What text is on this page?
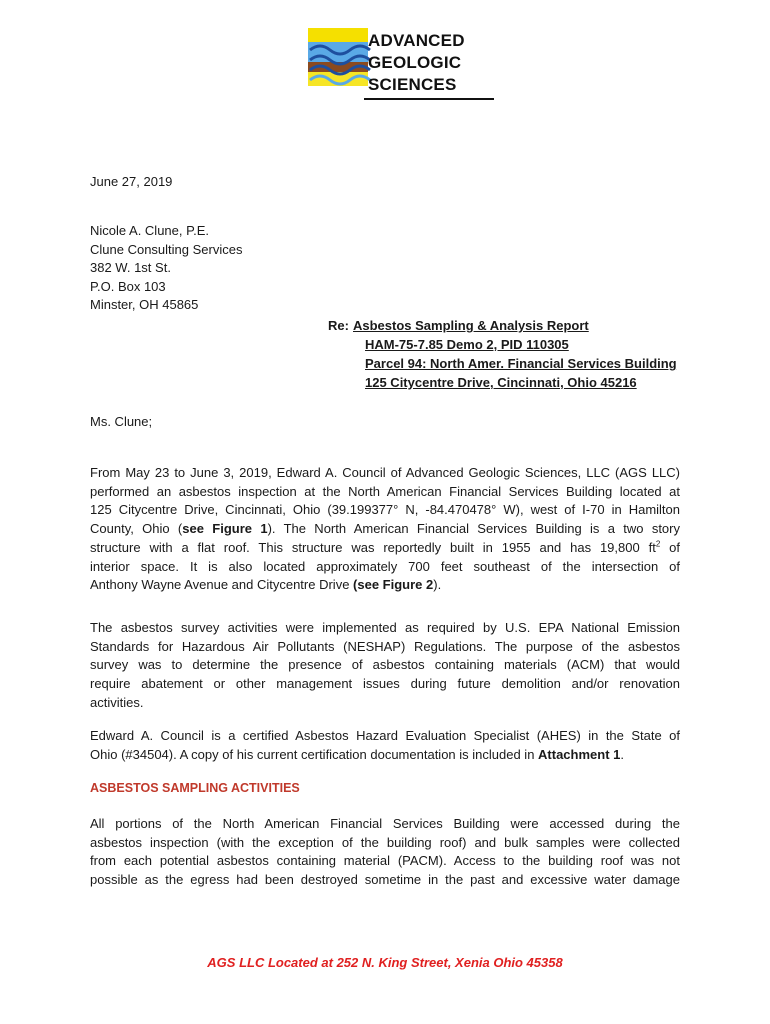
ADVANCED
GEOLOGIC
SCIENCES
June 27, 2019
Nicole A. Clune, P.E.
Clune Consulting Services
382 W. 1st St.
P.O. Box 103
Minster, OH 45865
Re: Asbestos Sampling & Analysis Report
HAM-75-7.85 Demo 2, PID 110305
Parcel 94: North Amer. Financial Services Building
125 Citycentre Drive, Cincinnati, Ohio 45216
Ms. Clune;
From May 23 to June 3, 2019, Edward A. Council of Advanced Geologic Sciences, LLC (AGS LLC)
performed an asbestos inspection at the North American Financial Services Building located at
125 Citycentre Drive, Cincinnati, Ohio (39.199377° N, -84.470478° W), west of I-70 in Hamilton
County, Ohio (see Figure 1). The North American Financial Services Building is a two story
structure with a flat roof. This structure was reportedly built in 1955 and has 19,800 $ft^2$ of
interior space. It is also located approximately 700 feet southeast of the intersection of
Anthony Wayne Avenue and Citycentre Drive (see Figure 2).
The asbestos survey activities were implemented as required by U.S. EPA National Emission
Standards for Hazardous Air Pollutants (NESHAP) Regulations. The purpose of the asbestos
survey was to determine the presence of asbestos containing materials (ACM) that would
require abatement or other management issues during future demolition and/or renovation
activities.
Edward A. Council is a certified Asbestos Hazard Evaluation Specialist (AHES) in the State of
Ohio (#34504). A copy of his current certification documentation is included in Attachment 1.
ASBESTOS SAMPLING ACTIVITIES
All portions of the North American Financial Services Building were accessed during the
asbestos inspection (with the exception of the building roof) and bulk samples were collected
from each potential asbestos containing material (PACM). Access to the building roof was not
possible as the egress had been destroyed sometime in the past and excessive water damage
AGS LLC Located at 252 N. King Street, Xenia Ohio 45358
